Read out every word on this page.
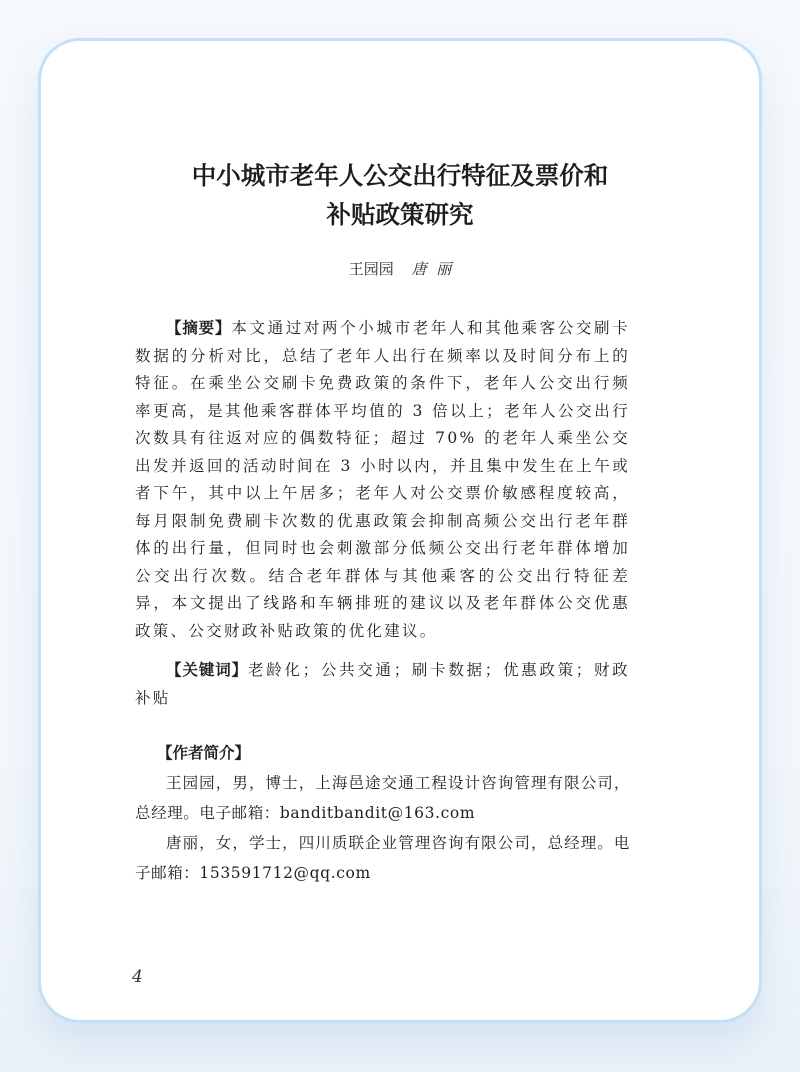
中小城市老年人公交出行特征及票价和
补贴政策研究
王园园 唐  丽
【摘要】本文通过对两个小城市老年人和其他乘客公交刷卡数据的分析对比，总结了老年人出行在频率以及时间分布上的特征。在乘坐公交刷卡免费政策的条件下，老年人公交出行频率更高，是其他乘客群体平均值的 3 倍以上；老年人公交出行次数具有往返对应的偶数特征；超过 70% 的老年人乘坐公交出发并返回的活动时间在 3 小时以内，并且集中发生在上午或者下午，其中以上午居多；老年人对公交票价敏感程度较高，每月限制免费刷卡次数的优惠政策会抑制高频公交出行老年群体的出行量，但同时也会刺激部分低频公交出行老年群体增加公交出行次数。结合老年群体与其他乘客的公交出行特征差异，本文提出了线路和车辆排班的建议以及老年群体公交优惠政策、公交财政补贴政策的优化建议。
【关键词】老龄化；公共交通；刷卡数据；优惠政策；财政补贴
【作者简介】
王园园，男，博士，上海邑途交通工程设计咨询管理有限公司，总经理。电子邮箱：banditbandit@163.com
唐丽，女，学士，四川质联企业管理咨询有限公司，总经理。电子邮箱：153591712@qq.com
4
